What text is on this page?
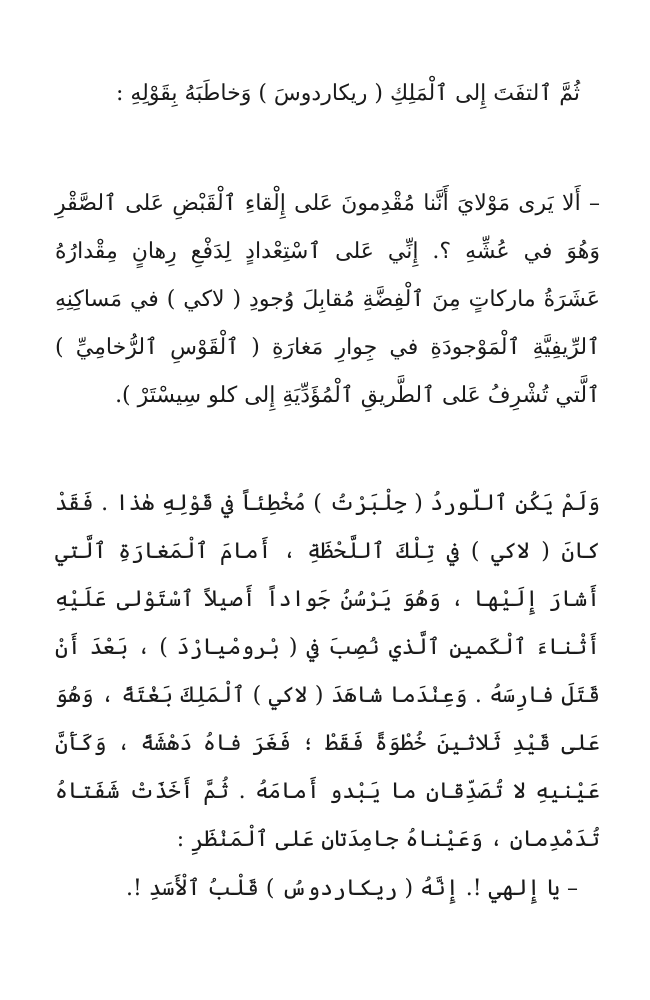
ثُمَّ ٱلتفَتَ إِلى ٱلْمَلِكِ ( ريكاردوسَ ) وَخاطَبَهُ بِقَوْلِهِ :

– أَلا يَرى مَوْلايَ أَنَّنا مُقْدِمونَ عَلى إِلْقاءِ ٱلْقَبْضِ عَلى ٱلصَّقْرِ وَهُوَ في عُشِّهِ ؟. إِنِّي عَلى ٱسْتِعْدادٍ لِدَفْعِ رِهانٍ مِقْدارُهُ عَشَرَةُ ماركاتٍ مِنَ ٱلْفِضَّةِ مُقابِلَ وُجودِ ( لاكي ) في مَساكِنِهِ ٱلرِّيفِيَّةِ ٱلْمَوْجودَةِ في جِوارِ مَغارَةِ ( ٱلْقَوْسِ ٱلرُّخامِيِّ ) ٱلَّتي تُشْرِفُ عَلى ٱلطَّريقِ ٱلْمُؤَدِّيَةِ إِلى كلو سِيسْتَرْ ).

وَلَمْ يَكُنِ ٱللّوردُ ( جِلْبَرْتُ ) مُخْطِئاً في قَوْلِهِ هٰذا . فَقَدْ كانَ ( لاكي ) في تِلْكَ ٱللَّحْظَةِ ، أَمامَ ٱلْمَغارَةِ ٱلَّتي أَشارَ إِلَيْها ، وَهُوَ يَرْسُنُ جَواداً أَصيلاً ٱسْتَوْلى عَلَيْهِ أَثْناءَ ٱلْكَمينِ ٱلَّذي نُصِبَ في ( بْرومْيارْدَ ) ، بَعْدَ أَنْ قَتَلَ فارِسَهُ . وَعِنْدَما شاهَدَ ( لاكي ) ٱلْمَلِكَ بَغْتَةً ، وَهُوَ عَلى قَيْدِ ثَلاثينَ خُطْوَةً فَقَطْ ؛ فَغَرَ فاهُ دَهْشَةً ، وَكَأَنَّ عَيْنيهِ لا تُصَدِّقانِ ما يَبْدو أَمامَهُ . ثُمَّ أَخَذَتْ شَفَتاهُ تُدَمْدِمانِ ، وَعَيْناهُ جامِدَتانِ عَلى ٱلْمَنْظَرِ :

– يا إِلهي !. إِنَّهُ ( ريكاردوسُ ) قَلْبُ ٱلْأَسَدِ !.
